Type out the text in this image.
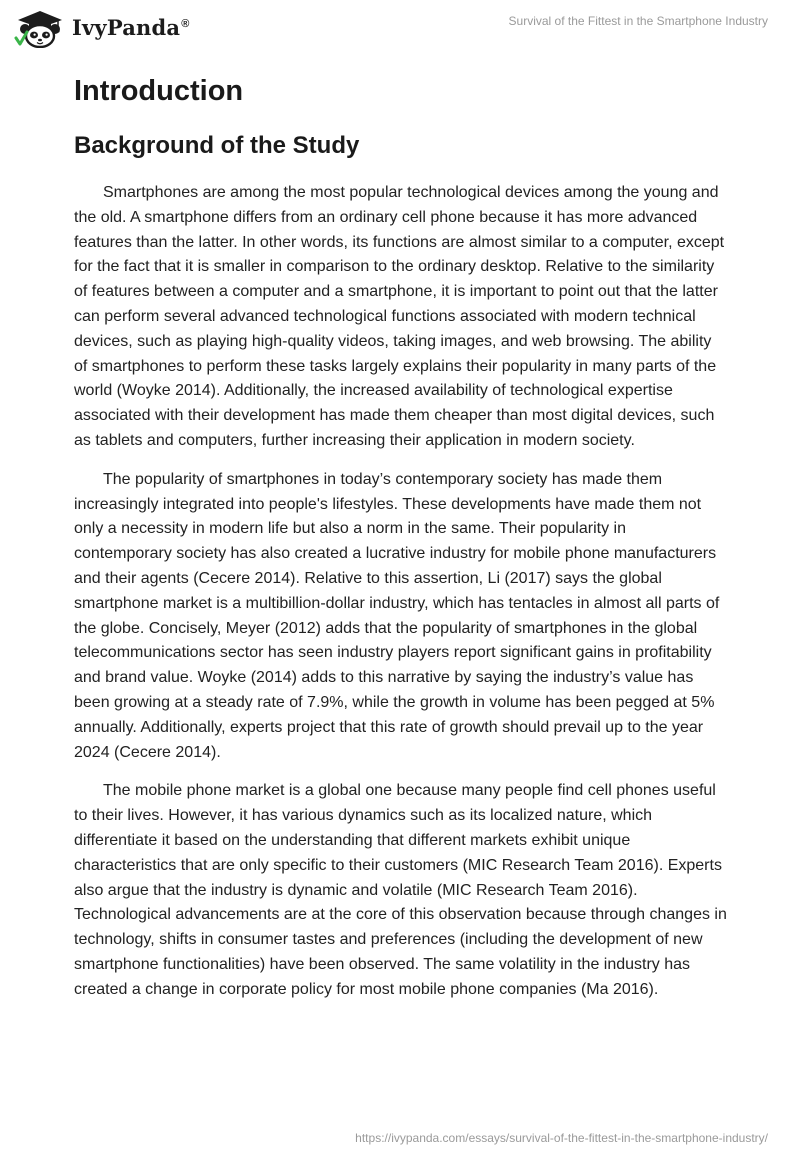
IvyPanda®	Survival of the Fittest in the Smartphone Industry
Introduction
Background of the Study

Smartphones are among the most popular technological devices among the young and the old. A smartphone differs from an ordinary cell phone because it has more advanced features than the latter. In other words, its functions are almost similar to a computer, except for the fact that it is smaller in comparison to the ordinary desktop. Relative to the similarity of features between a computer and a smartphone, it is important to point out that the latter can perform several advanced technological functions associated with modern technical devices, such as playing high-quality videos, taking images, and web browsing. The ability of smartphones to perform these tasks largely explains their popularity in many parts of the world (Woyke 2014). Additionally, the increased availability of technological expertise associated with their development has made them cheaper than most digital devices, such as tablets and computers, further increasing their application in modern society.

The popularity of smartphones in today’s contemporary society has made them increasingly integrated into people's lifestyles. These developments have made them not only a necessity in modern life but also a norm in the same. Their popularity in contemporary society has also created a lucrative industry for mobile phone manufacturers and their agents (Cecere 2014). Relative to this assertion, Li (2017) says the global smartphone market is a multibillion-dollar industry, which has tentacles in almost all parts of the globe. Concisely, Meyer (2012) adds that the popularity of smartphones in the global telecommunications sector has seen industry players report significant gains in profitability and brand value. Woyke (2014) adds to this narrative by saying the industry’s value has been growing at a steady rate of 7.9%, while the growth in volume has been pegged at 5% annually. Additionally, experts project that this rate of growth should prevail up to the year 2024 (Cecere 2014).

The mobile phone market is a global one because many people find cell phones useful to their lives. However, it has various dynamics such as its localized nature, which differentiate it based on the understanding that different markets exhibit unique characteristics that are only specific to their customers (MIC Research Team 2016). Experts also argue that the industry is dynamic and volatile (MIC Research Team 2016). Technological advancements are at the core of this observation because through changes in technology, shifts in consumer tastes and preferences (including the development of new smartphone functionalities) have been observed. The same volatility in the industry has created a change in corporate policy for most mobile phone companies (Ma 2016).

https://ivypanda.com/essays/survival-of-the-fittest-in-the-smartphone-industry/
